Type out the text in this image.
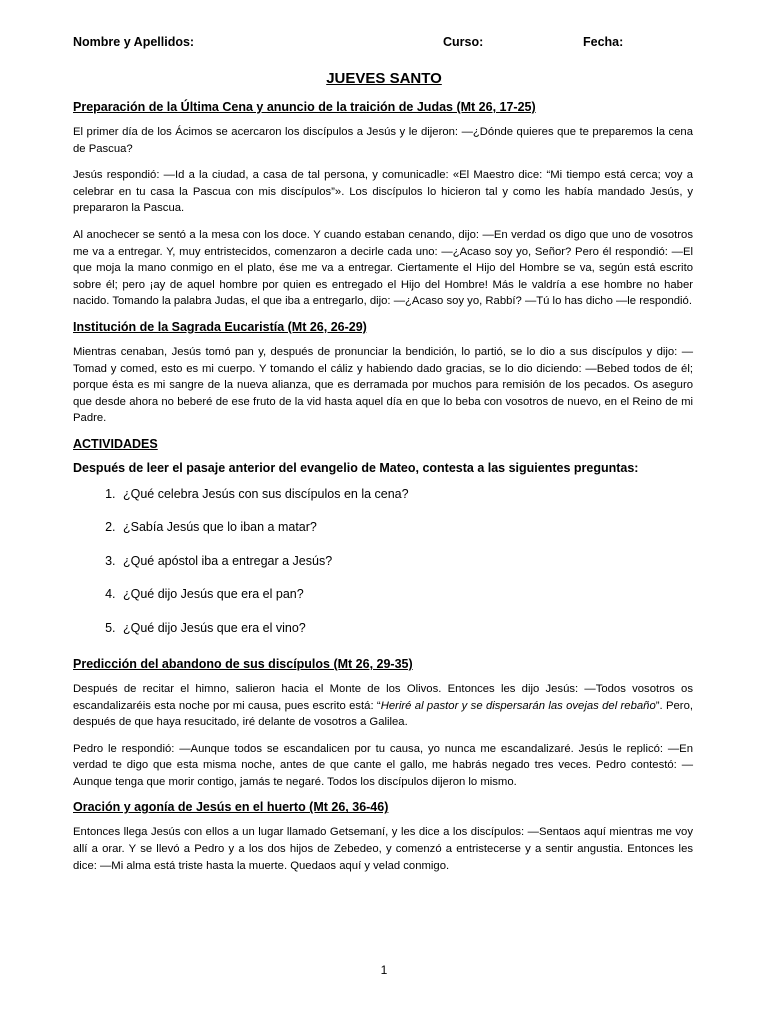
Nombre y Apellidos:	Curso:	Fecha:
JUEVES SANTO
Preparación de la Última Cena y anuncio de la traición de Judas (Mt 26, 17-25)

El primer día de los Ácimos se acercaron los discípulos a Jesús y le dijeron: —¿Dónde quieres que te preparemos la cena de Pascua?

Jesús respondió: —Id a la ciudad, a casa de tal persona, y comunicadle: «El Maestro dice: “Mi tiempo está cerca; voy a celebrar en tu casa la Pascua con mis discípulos”». Los discípulos lo hicieron tal y como les había mandado Jesús, y prepararon la Pascua.

Al anochecer se sentó a la mesa con los doce. Y cuando estaban cenando, dijo: —En verdad os digo que uno de vosotros me va a entregar. Y, muy entristecidos, comenzaron a decirle cada uno: —¿Acaso soy yo, Señor? Pero él respondió: —El que moja la mano conmigo en el plato, ése me va a entregar. Ciertamente el Hijo del Hombre se va, según está escrito sobre él; pero ¡ay de aquel hombre por quien es entregado el Hijo del Hombre! Más le valdría a ese hombre no haber nacido. Tomando la palabra Judas, el que iba a entregarlo, dijo: —¿Acaso soy yo, Rabbí? —Tú lo has dicho —le respondió.

Institución de la Sagrada Eucaristía (Mt 26, 26-29)

Mientras cenaban, Jesús tomó pan y, después de pronunciar la bendición, lo partió, se lo dio a sus discípulos y dijo: —Tomad y comed, esto es mi cuerpo. Y tomando el cáliz y habiendo dado gracias, se lo dio diciendo: —Bebed todos de él; porque ésta es mi sangre de la nueva alianza, que es derramada por muchos para remisión de los pecados. Os aseguro que desde ahora no beberé de ese fruto de la vid hasta aquel día en que lo beba con vosotros de nuevo, en el Reino de mi Padre.

ACTIVIDADES
Después de leer el pasaje anterior del evangelio de Mateo, contesta a las siguientes preguntas:
1. ¿Qué celebra Jesús con sus discípulos en la cena?
2. ¿Sabía Jesús que lo iban a matar?
3. ¿Qué apóstol iba a entregar a Jesús?
4. ¿Qué dijo Jesús que era el pan?
5. ¿Qué dijo Jesús que era el vino?
Predicción del abandono de sus discípulos (Mt 26, 29-35)

Después de recitar el himno, salieron hacia el Monte de los Olivos. Entonces les dijo Jesús: —Todos vosotros os escandalizaréis esta noche por mi causa, pues escrito está: “Heriré al pastor y se dispersarán las ovejas del rebaño”. Pero, después de que haya resucitado, iré delante de vosotros a Galilea.

Pedro le respondió: —Aunque todos se escandalicen por tu causa, yo nunca me escandalizaré. Jesús le replicó: —En verdad te digo que esta misma noche, antes de que cante el gallo, me habrás negado tres veces. Pedro contestó: —Aunque tenga que morir contigo, jamás te negaré. Todos los discípulos dijeron lo mismo.

Oración y agonía de Jesús en el huerto (Mt 26, 36-46)

Entonces llega Jesús con ellos a un lugar llamado Getsemaní, y les dice a los discípulos: —Sentaos aquí mientras me voy allí a orar. Y se llevó a Pedro y a los dos hijos de Zebedeo, y comenzó a entristecerse y a sentir angustia. Entonces les dice: —Mi alma está triste hasta la muerte. Quedaos aquí y velad conmigo.

1
